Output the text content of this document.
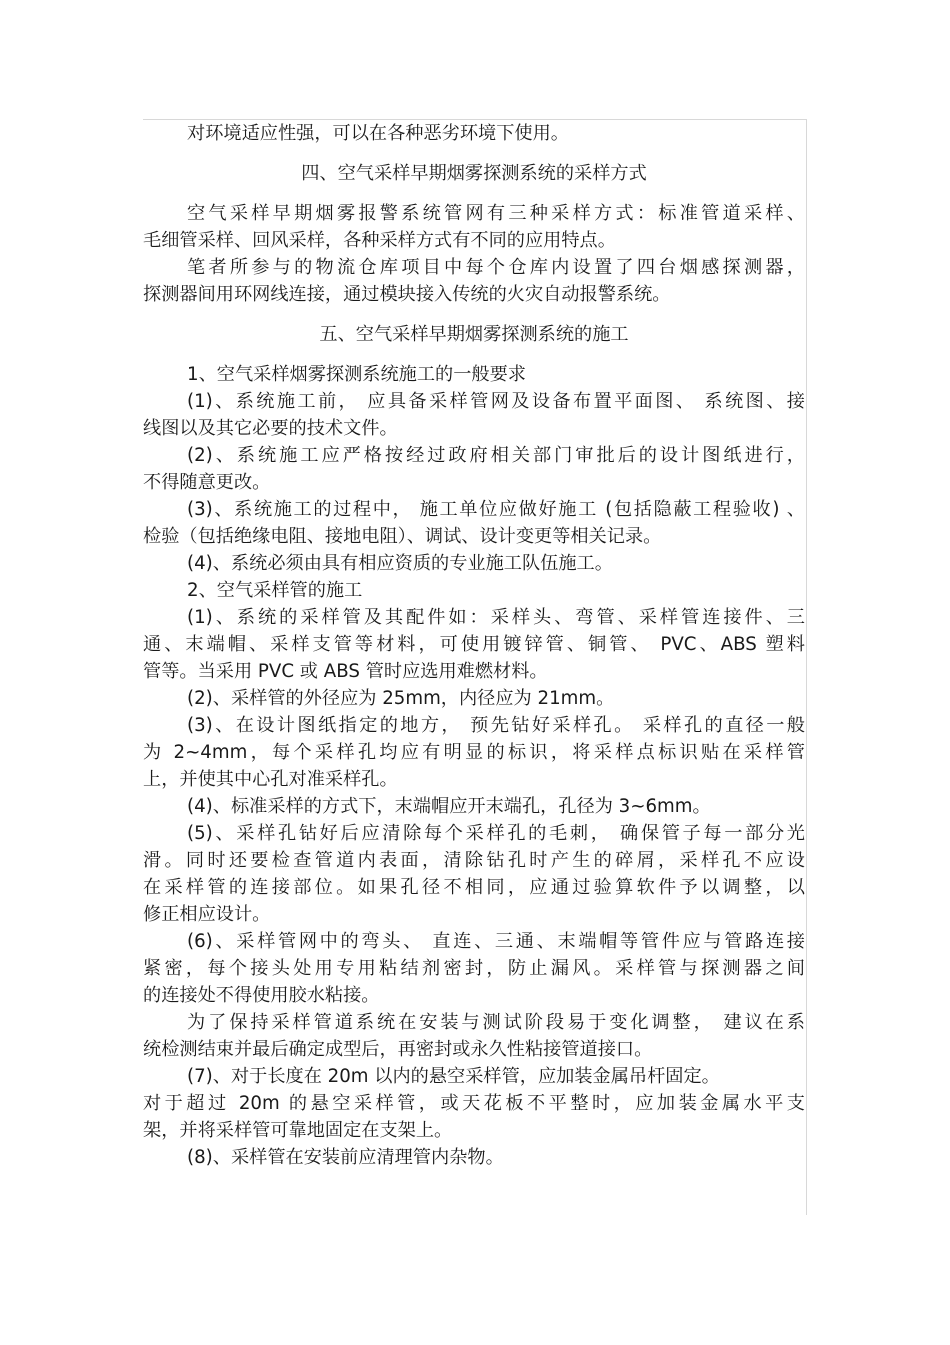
对环境适应性强，可以在各种恶劣环境下使用。
四、空气采样早期烟雾探测系统的采样方式
空气采样早期烟雾报警系统管网有三种采样方式：标准管道采样、
毛细管采样、回风采样，各种采样方式有不同的应用特点。
笔者所参与的物流仓库项目中每个仓库内设置了四台烟感探测器，
探测器间用环网线连接，通过模块接入传统的火灾自动报警系统。
五、空气采样早期烟雾探测系统的施工
1、空气采样烟雾探测系统施工的一般要求
(1)、系统施工前， 应具备采样管网及设备布置平面图、 系统图、接
线图以及其它必要的技术文件。
(2)、系统施工应严格按经过政府相关部门审批后的设计图纸进行，
不得随意更改。
(3)、系统施工的过程中， 施工单位应做好施工 (包括隐蔽工程验收) 、
检验（包括绝缘电阻、接地电阻）、调试、设计变更等相关记录。
(4)、系统必须由具有相应资质的专业施工队伍施工。
2、空气采样管的施工
(1)、系统的采样管及其配件如：采样头、弯管、采样管连接件、三
通、末端帽、采样支管等材料，可使用镀锌管、铜管、 PVC、ABS 塑料
管等。当采用 PVC 或 ABS 管时应选用难燃材料。
(2)、采样管的外径应为 25mm，内径应为 21mm。
(3)、在设计图纸指定的地方， 预先钻好采样孔。 采样孔的直径一般
为 2~4mm，每个采样孔均应有明显的标识，将采样点标识贴在采样管
上，并使其中心孔对准采样孔。
(4)、标准采样的方式下，末端帽应开末端孔，孔径为 3~6mm。
(5)、采样孔钻好后应清除每个采样孔的毛刺， 确保管子每一部分光
滑。同时还要检查管道内表面，清除钻孔时产生的碎屑，采样孔不应设
在采样管的连接部位。如果孔径不相同，应通过验算软件予以调整，以
修正相应设计。
(6)、采样管网中的弯头、 直连、三通、末端帽等管件应与管路连接
紧密，每个接头处用专用粘结剂密封，防止漏风。采样管与探测器之间
的连接处不得使用胶水粘接。
为了保持采样管道系统在安装与测试阶段易于变化调整， 建议在系
统检测结束并最后确定成型后，再密封或永久性粘接管道接口。
(7)、对于长度在 20m 以内的悬空采样管，应加装金属吊杆固定。
对于超过 20m 的悬空采样管，或天花板不平整时，应加装金属水平支
架，并将采样管可靠地固定在支架上。
(8)、采样管在安装前应清理管内杂物。
